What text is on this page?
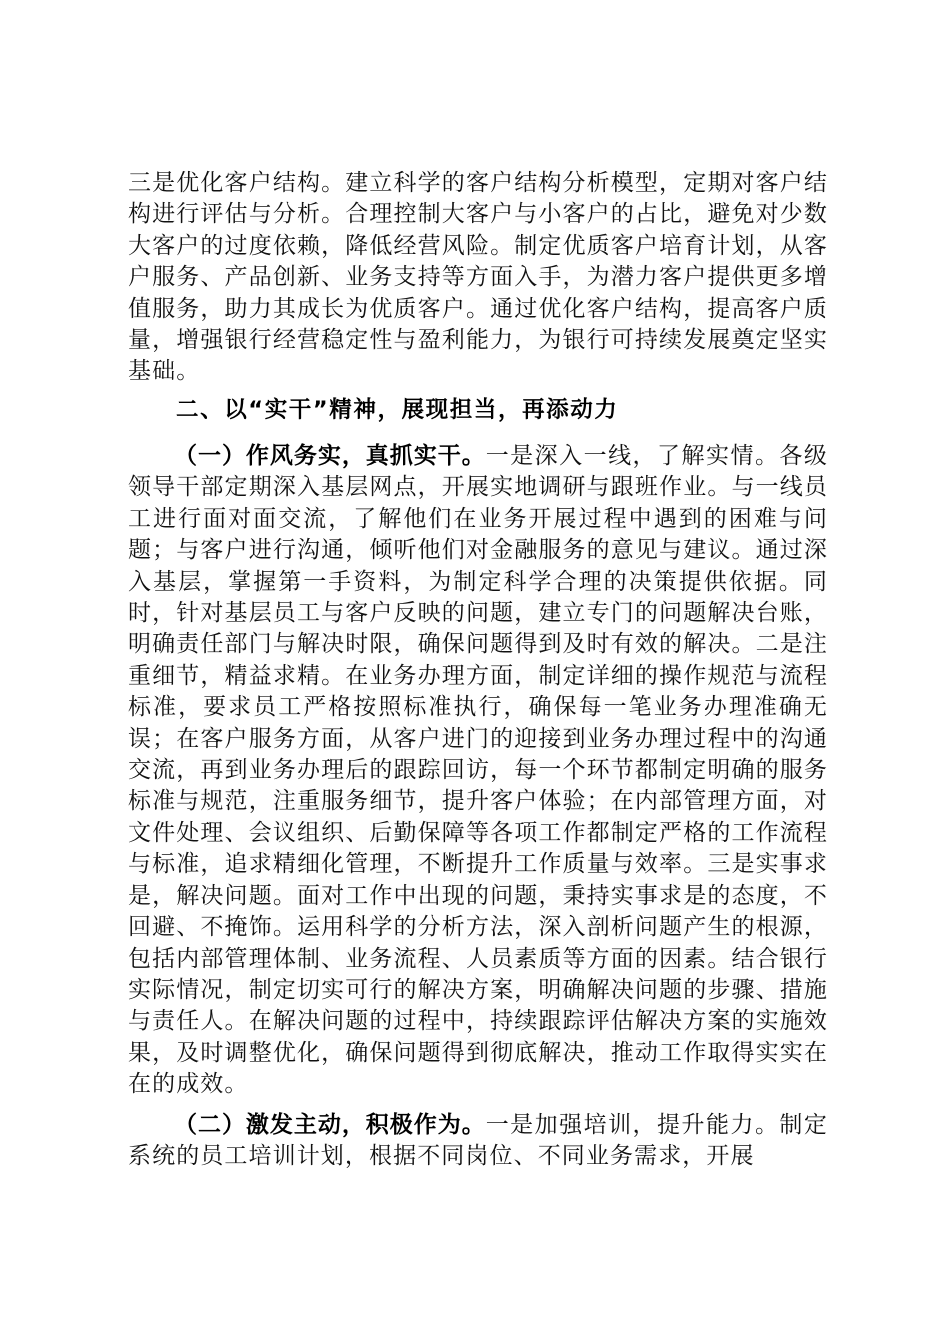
三是优化客户结构。建立科学的客户结构分析模型，定期对客户结构进行评估与分析。合理控制大客户与小客户的占比，避免对少数大客户的过度依赖，降低经营风险。制定优质客户培育计划，从客户服务、产品创新、业务支持等方面入手，为潜力客户提供更多增值服务，助力其成长为优质客户。通过优化客户结构，提高客户质量，增强银行经营稳定性与盈利能力，为银行可持续发展奠定坚实基础。

二、以“实干”精神，展现担当，再添动力

（一）作风务实，真抓实干。一是深入一线，了解实情。各级领导干部定期深入基层网点，开展实地调研与跟班作业。与一线员工进行面对面交流，了解他们在业务开展过程中遇到的困难与问题；与客户进行沟通，倾听他们对金融服务的意见与建议。通过深入基层，掌握第一手资料，为制定科学合理的决策提供依据。同时，针对基层员工与客户反映的问题，建立专门的问题解决台账，明确责任部门与解决时限，确保问题得到及时有效的解决。二是注重细节，精益求精。在业务办理方面，制定详细的操作规范与流程标准，要求员工严格按照标准执行，确保每一笔业务办理准确无误；在客户服务方面，从客户进门的迎接到业务办理过程中的沟通交流，再到业务办理后的跟踪回访，每一个环节都制定明确的服务标准与规范，注重服务细节，提升客户体验；在内部管理方面，对文件处理、会议组织、后勤保障等各项工作都制定严格的工作流程与标准，追求精细化管理，不断提升工作质量与效率。三是实事求是，解决问题。面对工作中出现的问题，秉持实事求是的态度，不回避、不掩饰。运用科学的分析方法，深入剖析问题产生的根源，包括内部管理体制、业务流程、人员素质等方面的因素。结合银行实际情况，制定切实可行的解决方案，明确解决问题的步骤、措施与责任人。在解决问题的过程中，持续跟踪评估解决方案的实施效果，及时调整优化，确保问题得到彻底解决，推动工作取得实实在在的成效。

（二）激发主动，积极作为。一是加强培训，提升能力。制定系统的员工培训计划，根据不同岗位、不同业务需求，开展
